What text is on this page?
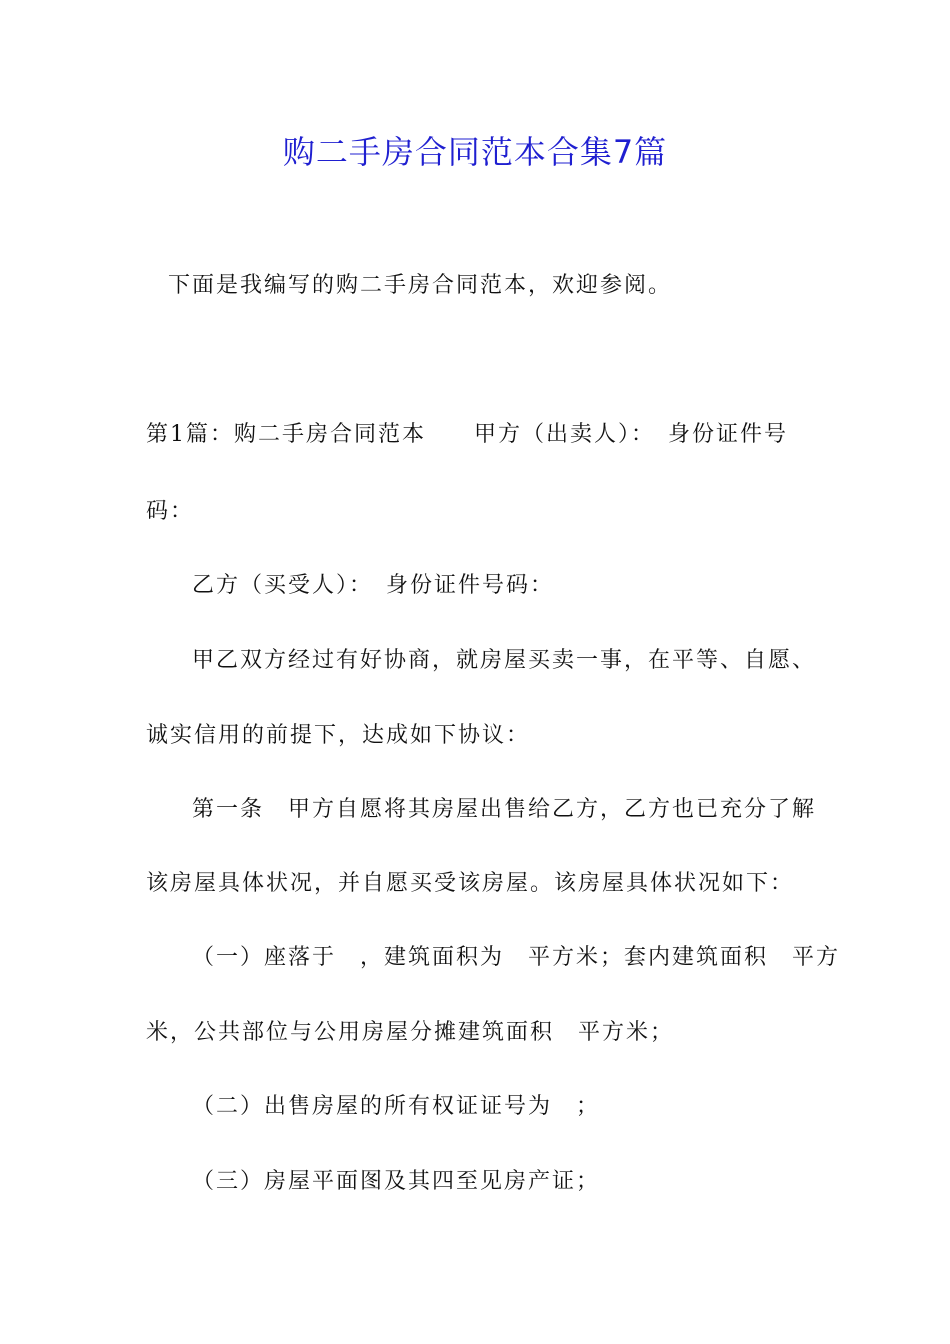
购二手房合同范本合集7篇
下面是我编写的购二手房合同范本，欢迎参阅。
第1篇：购二手房合同范本　　甲方（出卖人）：　身份证件号
码：
乙方（买受人）：　身份证件号码：
甲乙双方经过有好协商，就房屋买卖一事，在平等、自愿、
诚实信用的前提下，达成如下协议：
第一条　甲方自愿将其房屋出售给乙方，乙方也已充分了解
该房屋具体状况，并自愿买受该房屋。该房屋具体状况如下：
（一）座落于　，建筑面积为　平方米；套内建筑面积　平方
米，公共部位与公用房屋分摊建筑面积　平方米；
（二）出售房屋的所有权证证号为　；
（三）房屋平面图及其四至见房产证；
